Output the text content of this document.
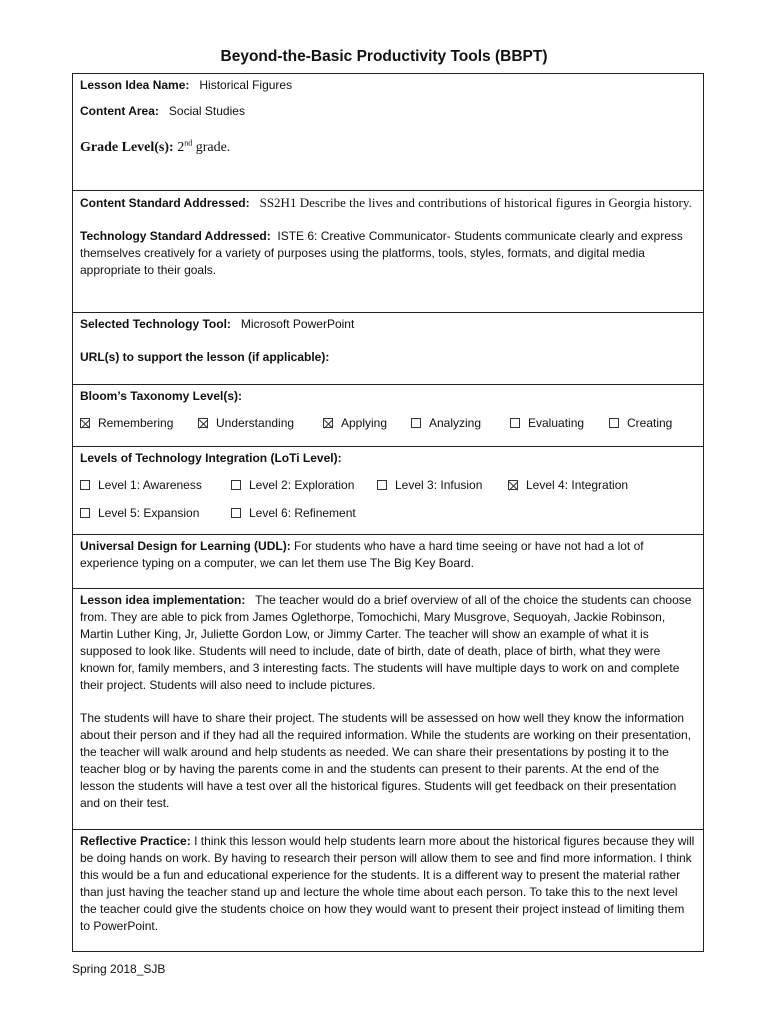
Beyond-the-Basic Productivity Tools (BBPT)

Lesson Idea Name: Historical Figures

Content Area: Social Studies

Grade Level(s): 2nd grade.

Content Standard Addressed: SS2H1 Describe the lives and contributions of historical figures in Georgia history.

Technology Standard Addressed: ISTE 6: Creative Communicator- Students communicate clearly and express themselves creatively for a variety of purposes using the platforms, tools, styles, formats, and digital media appropriate to their goals.

Selected Technology Tool: Microsoft PowerPoint

URL(s) to support the lesson (if applicable):

Bloom’s Taxonomy Level(s):

Remembering	Understanding	Applying	Analyzing	Evaluating	Creating

Levels of Technology Integration (LoTi Level):

Level 1: Awareness	Level 2: Exploration	Level 3: Infusion	Level 4: Integration
Level 5: Expansion	Level 6: Refinement

Universal Design for Learning (UDL): For students who have a hard time seeing or have not had a lot of experience typing on a computer, we can let them use The Big Key Board.

Lesson idea implementation: The teacher would do a brief overview of all of the choice the students can choose from. They are able to pick from James Oglethorpe, Tomochichi, Mary Musgrove, Sequoyah, Jackie Robinson, Martin Luther King, Jr, Juliette Gordon Low, or Jimmy Carter. The teacher will show an example of what it is supposed to look like. Students will need to include, date of birth, date of death, place of birth, what they were known for, family members, and 3 interesting facts. The students will have multiple days to work on and complete their project. Students will also need to include pictures.

The students will have to share their project. The students will be assessed on how well they know the information about their person and if they had all the required information. While the students are working on their presentation, the teacher will walk around and help students as needed. We can share their presentations by posting it to the teacher blog or by having the parents come in and the students can present to their parents. At the end of the lesson the students will have a test over all the historical figures. Students will get feedback on their presentation and on their test.

Reflective Practice: I think this lesson would help students learn more about the historical figures because they will be doing hands on work. By having to research their person will allow them to see and find more information. I think this would be a fun and educational experience for the students. It is a different way to present the material rather than just having the teacher stand up and lecture the whole time about each person. To take this to the next level the teacher could give the students choice on how they would want to present their project instead of limiting them to PowerPoint.

Spring 2018_SJB
